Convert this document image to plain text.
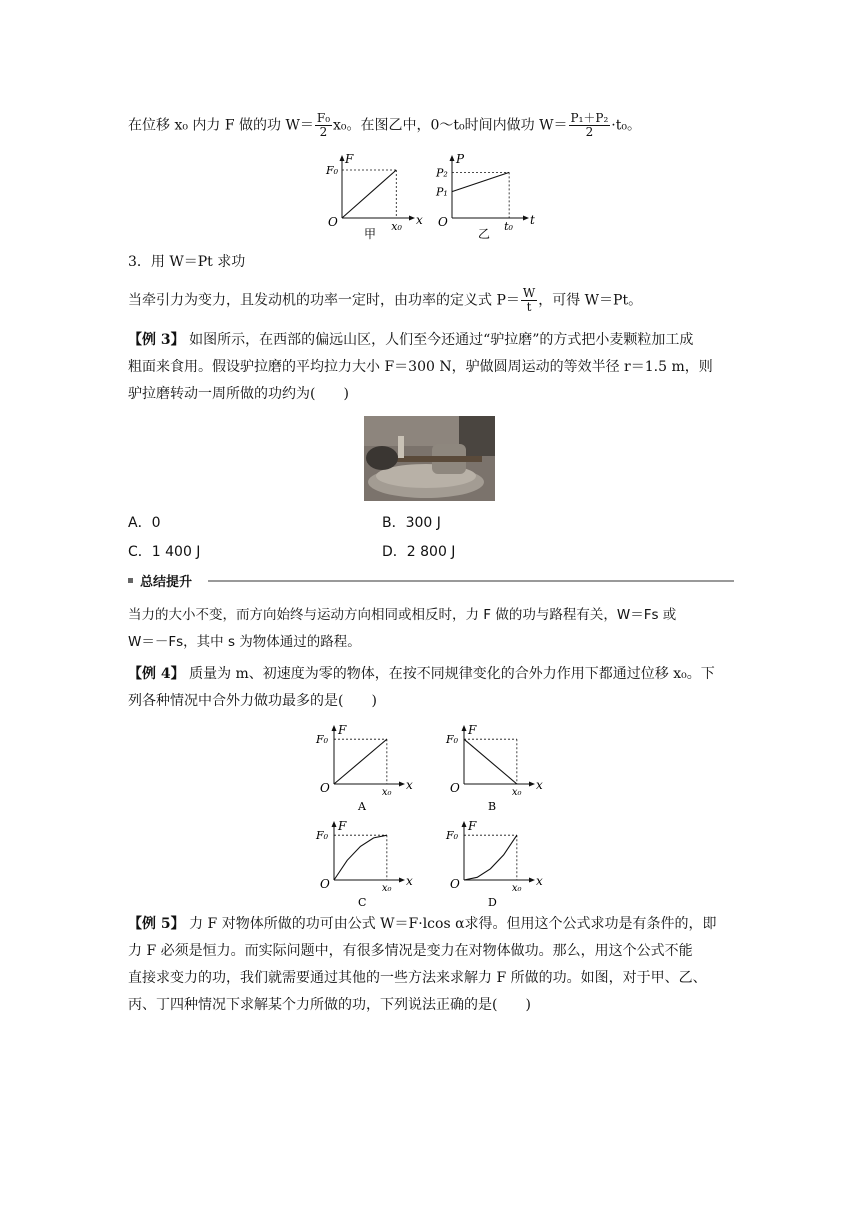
在位移 x₀ 内力 F 做的功 $W= \frac{\text{F₀}}{2} x_0$。在图乙中，0～t₀时间内做功 $W= \frac{\text{P₁＋P₂}}{2} \cdot t_0$。
F
x
O
F₀
x₀
甲
P
t
O
P₂
P₁
t₀
乙
3．用 W＝Pt 求功
当牵引力为变力，且发动机的功率一定时，由功率的定义式 $P= \frac{W}{t}$ ，可得 W＝Pt。
【例 3】 如图所示，在西部的偏远山区，人们至今还通过“驴拉磨”的方式把小麦颗粒加工成
粗面来食用。假设驴拉磨的平均拉力大小 F＝300 N，驴做圆周运动的等效半径 r＝1.5 m，则
驴拉磨转动一周所做的功约为(　　)
A．0	B．300 J
C．1 400 J	D．2 800 J
总结提升
当力的大小不变，而方向始终与运动方向相同或相反时，力 F 做的功与路程有关，W＝Fs 或
W＝－Fs，其中 s 为物体通过的路程。
【例 4】 质量为 m、初速度为零的物体，在按不同规律变化的合外力作用下都通过位移 x₀。下
列各种情况中合外力做功最多的是(　　)
F
x
O
F₀
x₀
A
F
x
O
F₀
x₀
B
F
x
O
F₀
x₀
C
F
x
O
F₀
x₀
D
【例 5】 力 F 对物体所做的功可由公式 W＝F·lcos α求得。但用这个公式求功是有条件的，即
力 F 必须是恒力。而实际问题中，有很多情况是变力在对物体做功。那么，用这个公式不能
直接求变力的功，我们就需要通过其他的一些方法来求解力 F 所做的功。如图，对于甲、乙、
丙、丁四种情况下求解某个力所做的功，下列说法正确的是(　　)
